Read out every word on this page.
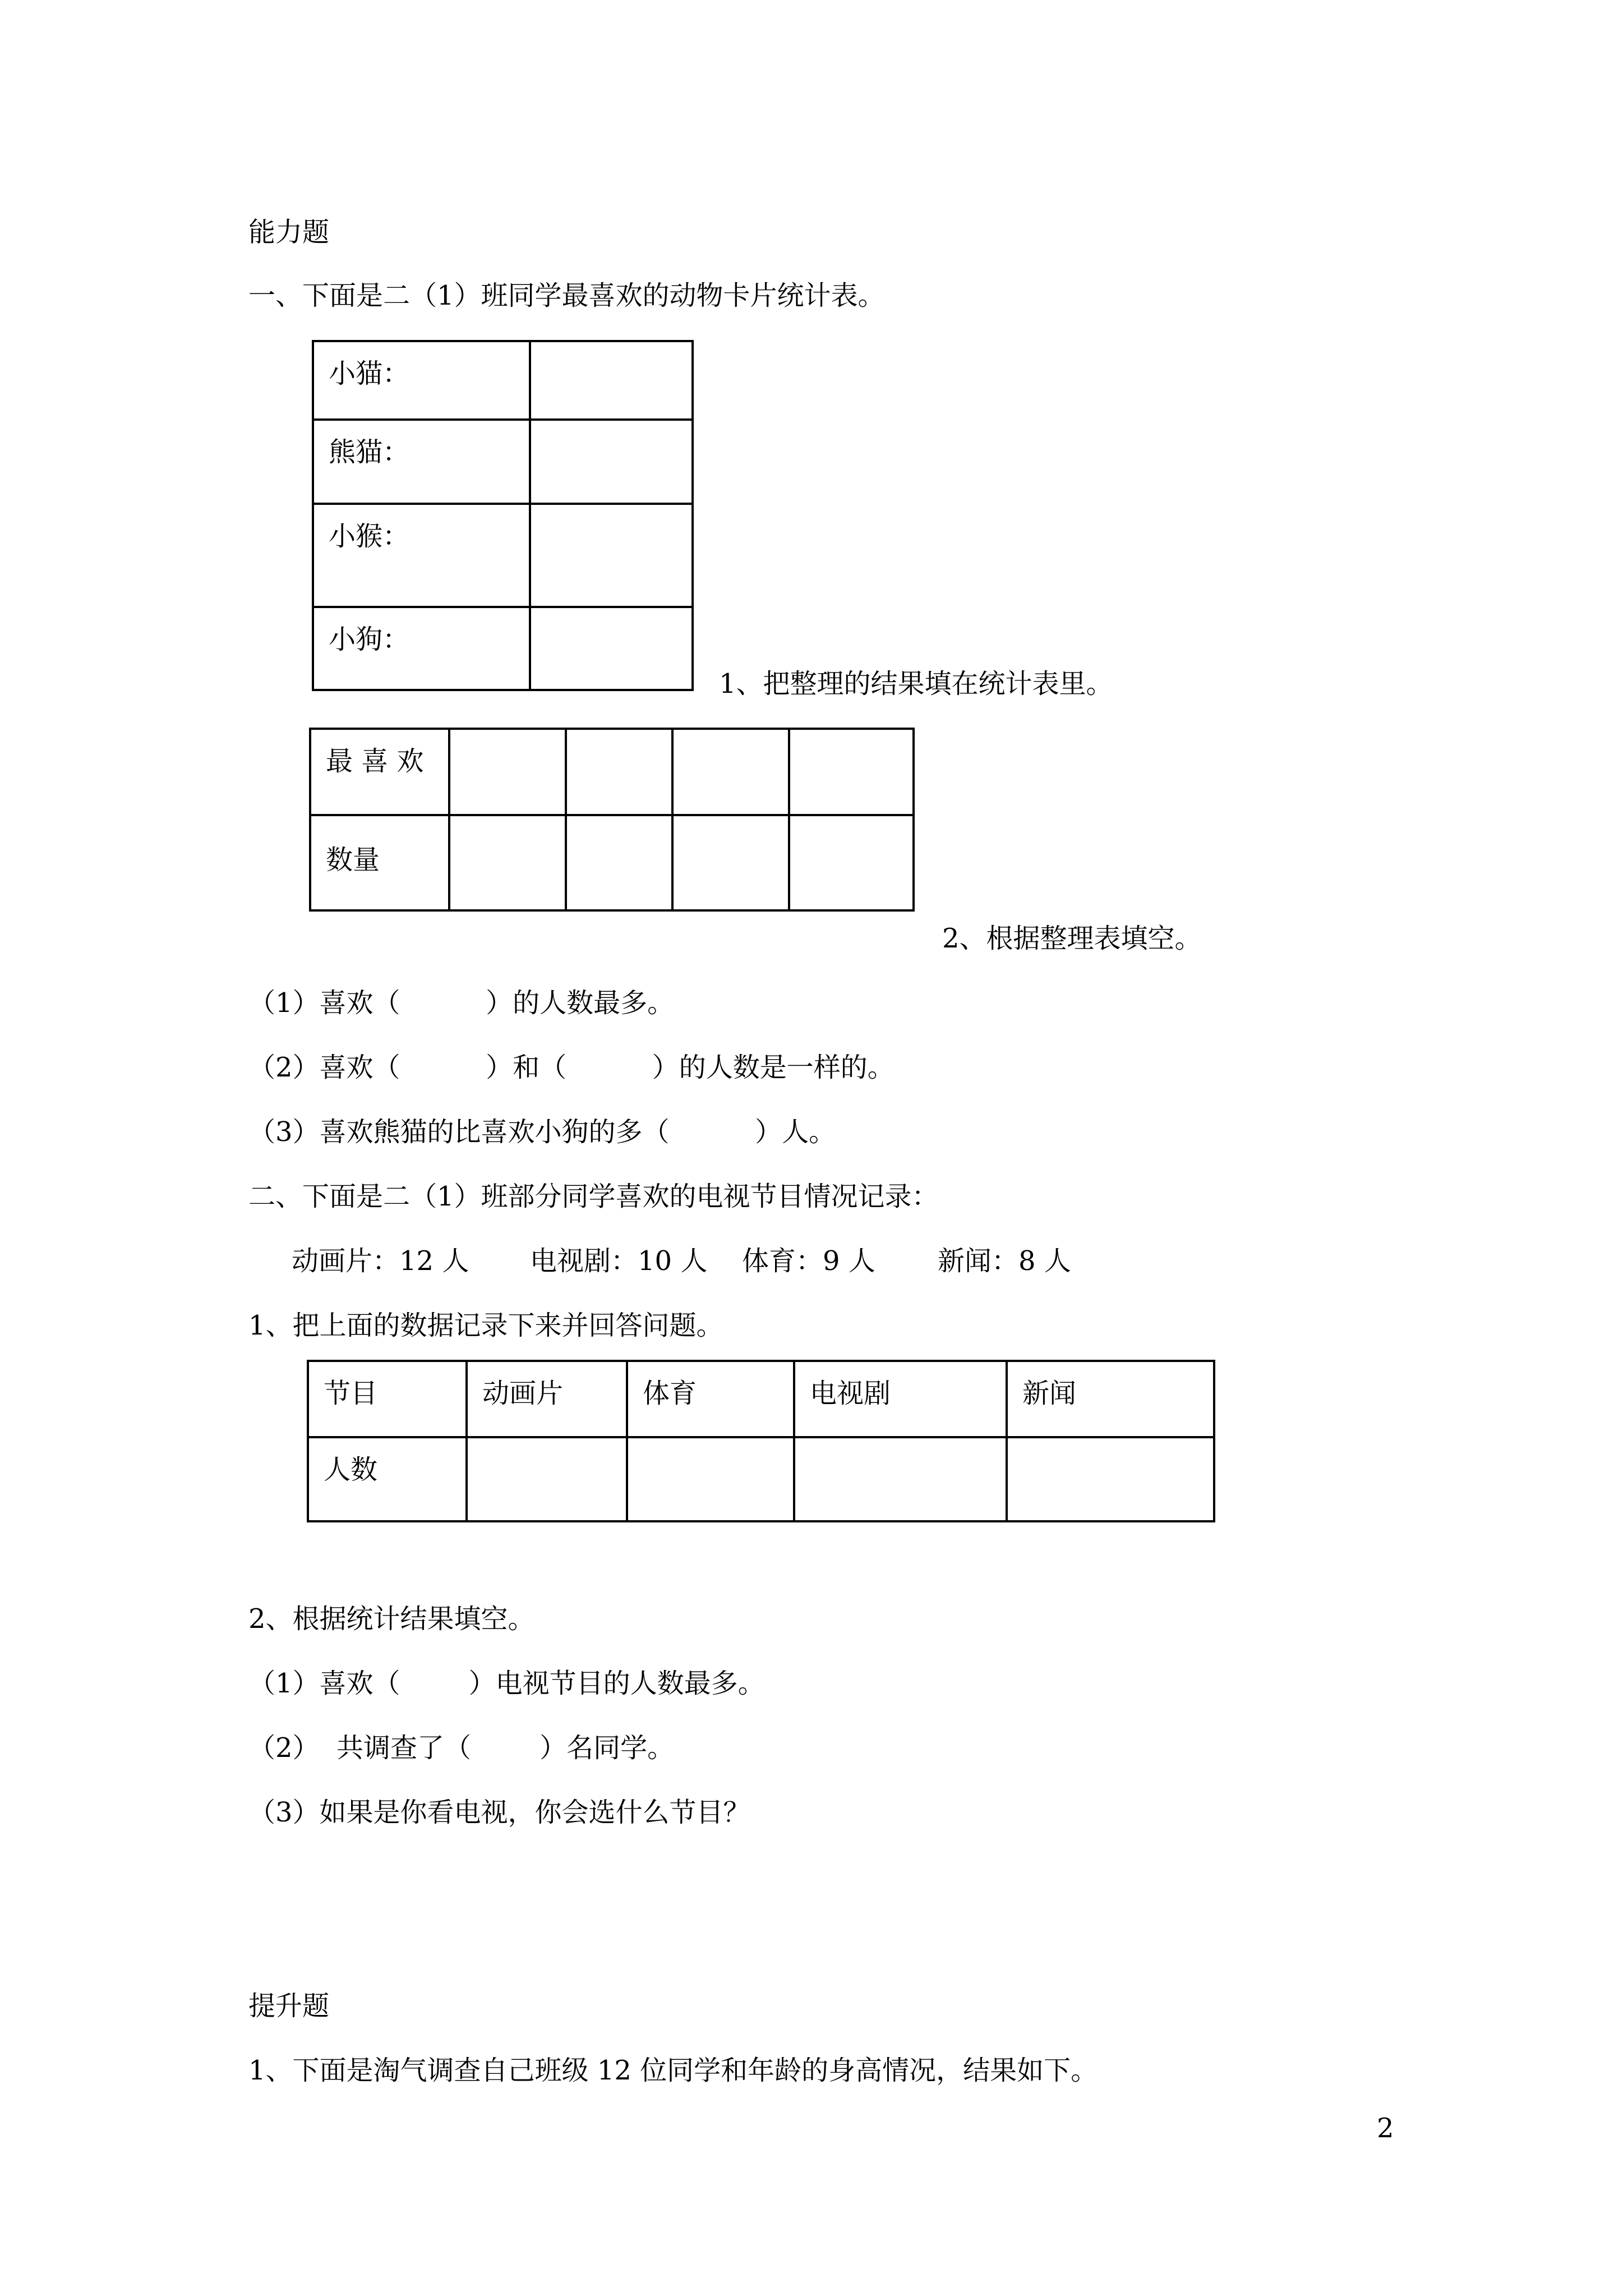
能力题
一、下面是二（1）班同学最喜欢的动物卡片统计表。
小猫：	

熊猫：	

小猴：	

小狗：	

1、把整理的结果填在统计表里。
最 喜 欢				

数量				

2、根据整理表填空。
（1）喜欢（          ）的人数最多。
（2）喜欢（          ）和（          ）的人数是一样的。
（3）喜欢熊猫的比喜欢小狗的多（          ）人。
二、下面是二（1）班部分同学喜欢的电视节目情况记录：
动画片：12 人 电视剧：10 人 体育：9 人 新闻：8 人
1、把上面的数据记录下来并回答问题。
节目	动画片	体育	电视剧	新闻

人数				

2、根据统计结果填空。
（1）喜欢（        ）电视节目的人数最多。
（2）  共调查了（        ）名同学。
（3）如果是你看电视，你会选什么节目？
提升题
1、下面是淘气调查自己班级 12 位同学和年龄的身高情况，结果如下。
2
